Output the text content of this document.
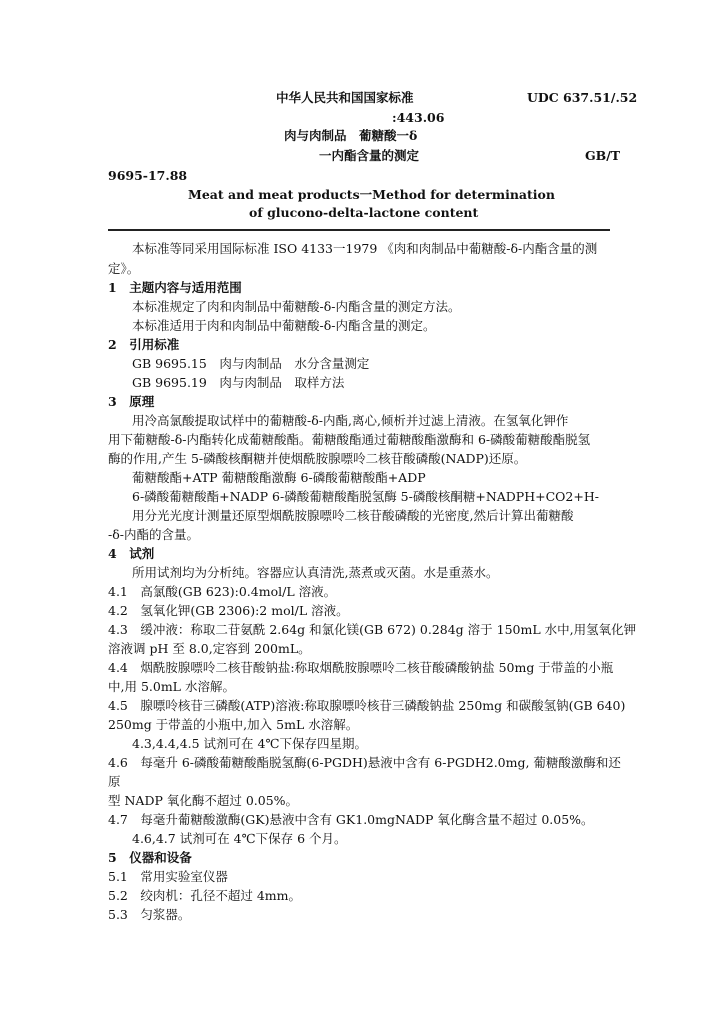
中华人民共和国国家标准	UDC 637.51/.52
:443.06
肉与肉制品　葡糖酸一δ
一内酯含量的测定	GB/T
9695-17.88
Meat and meat products一Method for determination
of glucono-delta-lactone content
本标准等同采用国际标准 ISO 4133一1979 《肉和肉制品中葡糖酸-δ-内酯含量的测
定》。
1　主题内容与适用范围
本标准规定了肉和肉制品中葡糖酸-δ-内酯含量的测定方法。
本标准适用于肉和肉制品中葡糖酸-δ-内酯含量的测定。
2　引用标准
GB 9695.15　肉与肉制品　水分含量测定
GB 9695.19　肉与肉制品　取样方法
3　原理
用冷高氯酸提取试样中的葡糖酸-δ-内酯,离心,倾析并过滤上清液。在氢氧化钾作
用下葡糖酸-δ-内酯转化成葡糖酸酯。葡糖酸酯通过葡糖酸酯激酶和 6-磷酸葡糖酸酯脱氢
酶的作用,产生 5-磷酸核酮糖并使烟酰胺腺嘌呤二核苷酸磷酸(NADP)还原。
葡糖酸酯+ATP 葡糖酸酯激酶 6-磷酸葡糖酸酯+ADP
6-磷酸葡糖酸酯+NADP 6-磷酸葡糖酸酯脱氢酶 5-磷酸核酮糖+NADPH+CO2+H-
用分光光度计测量还原型烟酰胺腺嘌呤二核苷酸磷酸的光密度,然后计算出葡糖酸
-δ-内酯的含量。
4　试剂
所用试剂均为分析纯。容器应认真清洗,蒸煮或灭菌。水是重蒸水。
4.1　高氯酸(GB 623):0.4mol/L 溶液。
4.2　氢氧化钾(GB 2306):2 mol/L 溶液。
4.3　缓冲液：称取二苷氨酰 2.64g 和氯化镁(GB 672) 0.284g 溶于 150mL 水中,用氢氧化钾
溶液调 pH 至 8.0,定容到 200mL。
4.4　烟酰胺腺嘌呤二核苷酸钠盐:称取烟酰胺腺嘌呤二核苷酸磷酸钠盐 50mg 于带盖的小瓶
中,用 5.0mL 水溶解。
4.5　腺嘌呤核苷三磷酸(ATP)溶液:称取腺嘌呤核苷三磷酸钠盐 250mg 和碳酸氢钠(GB 640)
250mg 于带盖的小瓶中,加入 5mL 水溶解。
4.3,4.4,4.5 试剂可在 4℃下保存四星期。
4.6　每毫升 6-磷酸葡糖酸酯脱氢酶(6-PGDH)悬液中含有 6-PGDH2.0mg, 葡糖酸激酶和还
原
型 NADP 氧化酶不超过 0.05%。
4.7　每毫升葡糖酸激酶(GK)悬液中含有 GK1.0mgNADP 氧化酶含量不超过 0.05%。
4.6,4.7 试剂可在 4℃下保存 6 个月。
5　仪器和设备
5.1　常用实验室仪器
5.2　绞肉机：孔径不超过 4mm。
5.3　匀浆器。
